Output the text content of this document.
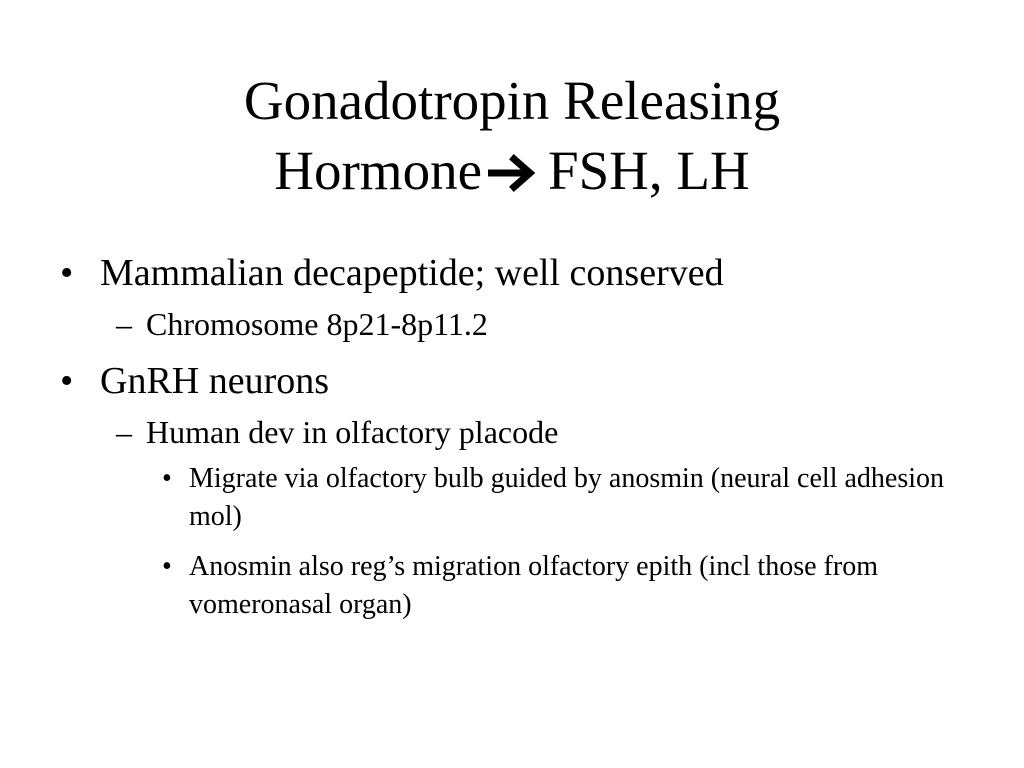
Gonadotropin Releasing
Hormone FSH, LH
• Mammalian decapeptide; well conserved
– Chromosome 8p21-8p11.2
• GnRH neurons
– Human dev in olfactory placode
• Migrate via olfactory bulb guided by anosmin (neural cell adhesion mol)
• Anosmin also reg’s migration olfactory epith (incl those from vomeronasal organ)
